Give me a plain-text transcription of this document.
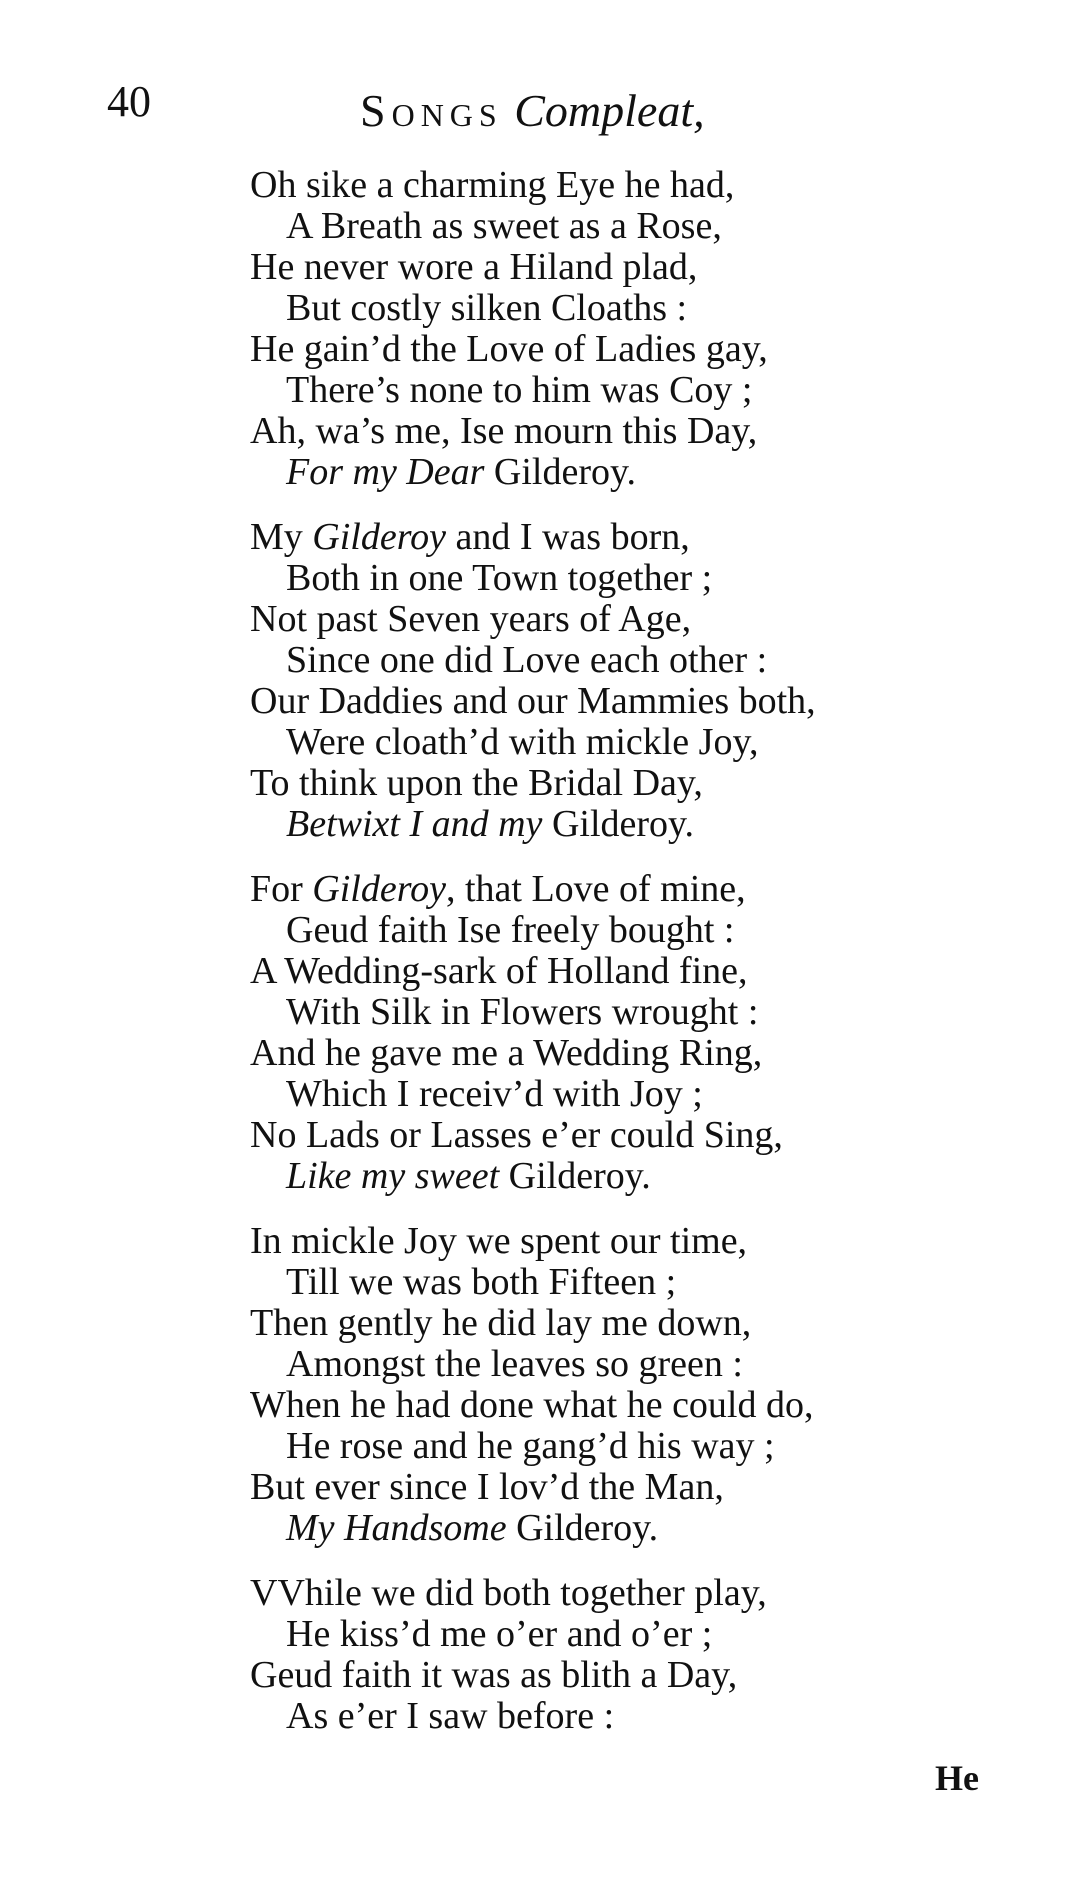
40	Songs Compleat,
Oh sike a charming Eye he had,
A Breath as sweet as a Rose,
He never wore a Hiland plad,
But costly silken Cloaths :
He gain’d the Love of Ladies gay,
There’s none to him was Coy ;
Ah, wa’s me, Ise mourn this Day,
For my Dear Gilderoy.
My Gilderoy and I was born,
Both in one Town together ;
Not past Seven years of Age,
Since one did Love each other :
Our Daddies and our Mammies both,
Were cloath’d with mickle Joy,
To think upon the Bridal Day,
Betwixt I and my Gilderoy.
For Gilderoy, that Love of mine,
Geud faith Ise freely bought :
A Wedding-sark of Holland fine,
With Silk in Flowers wrought :
And he gave me a Wedding Ring,
Which I receiv’d with Joy ;
No Lads or Lasses e’er could Sing,
Like my sweet Gilderoy.
In mickle Joy we spent our time,
Till we was both Fifteen ;
Then gently he did lay me down,
Amongst the leaves so green :
When he had done what he could do,
He rose and he gang’d his way ;
But ever since I lov’d the Man,
My Handsome Gilderoy.
VVhile we did both together play,
He kiss’d me o’er and o’er ;
Geud faith it was as blith a Day,
As e’er I saw before :
He
